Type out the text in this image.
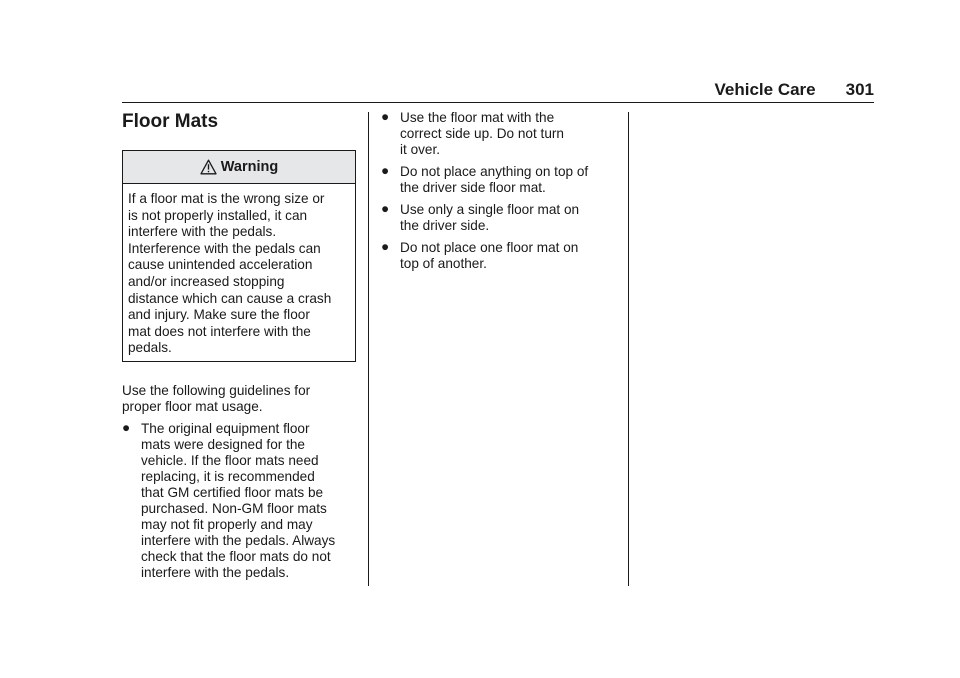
Vehicle Care 301
Floor Mats
Warning
If a floor mat is the wrong size or
is not properly installed, it can
interfere with the pedals.
Interference with the pedals can
cause unintended acceleration
and/or increased stopping
distance which can cause a crash
and injury. Make sure the floor
mat does not interfere with the
pedals.

Use the following guidelines for
proper floor mat usage.

● The original equipment floor
mats were designed for the
vehicle. If the floor mats need
replacing, it is recommended
that GM certified floor mats be
purchased. Non-GM floor mats
may not fit properly and may
interfere with the pedals. Always
check that the floor mats do not
interfere with the pedals.
● Use the floor mat with the
correct side up. Do not turn
it over.
● Do not place anything on top of
the driver side floor mat.
● Use only a single floor mat on
the driver side.
● Do not place one floor mat on
top of another.
